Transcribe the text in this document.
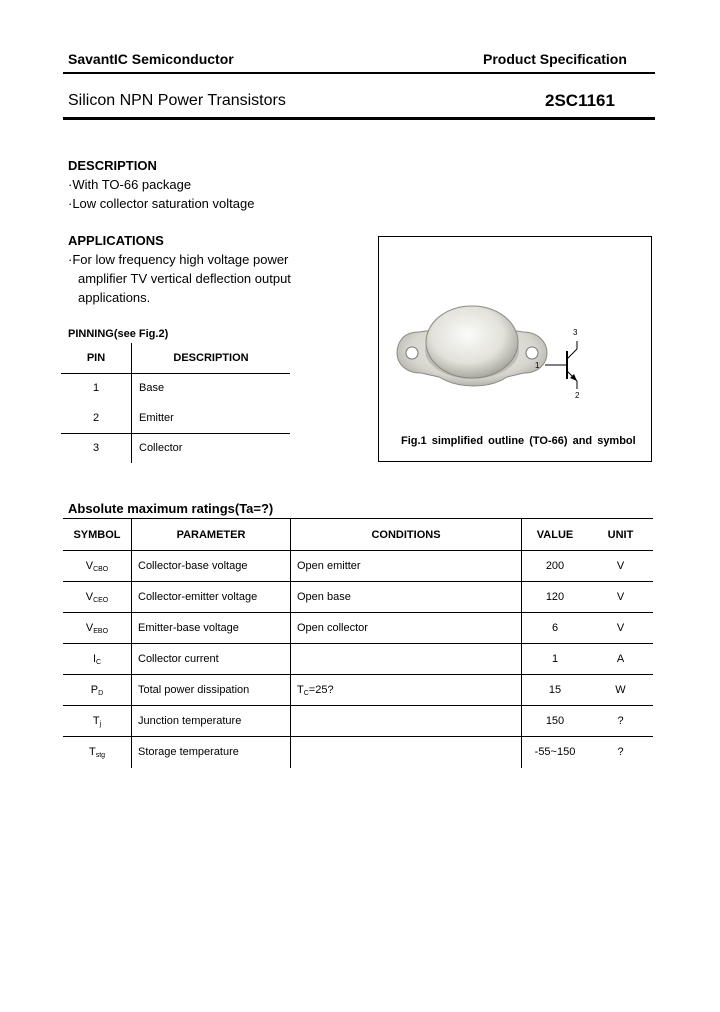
SavantIC Semiconductor	Product Specification
Silicon NPN Power Transistors	2SC1161
DESCRIPTION
·With TO-66 package
·Low collector saturation voltage
APPLICATIONS
·For low frequency high voltage power
amplifier TV vertical deflection output
applications.
PINNING(see Fig.2)
PIN	DESCRIPTION
1	Base
2	Emitter
3	Collector
1
2
3
Fig.1 simplified outline (TO-66) and symbol
Absolute maximum ratings(Ta=?)
SYMBOL	PARAMETER	CONDITIONS	VALUE	UNIT
$V_{CBO}$	Collector-base voltage	Open emitter	200	V
$V_{CEO}$	Collector-emitter voltage	Open base	120	V
$V_{EBO}$	Emitter-base voltage	Open collector	6	V
$I_C$	Collector current		1	A
$P_D$	Total power dissipation	$T_C=25$?	15	W
$T_j$	Junction temperature		150	?
$T_{stg}$	Storage temperature		-55~150	?
